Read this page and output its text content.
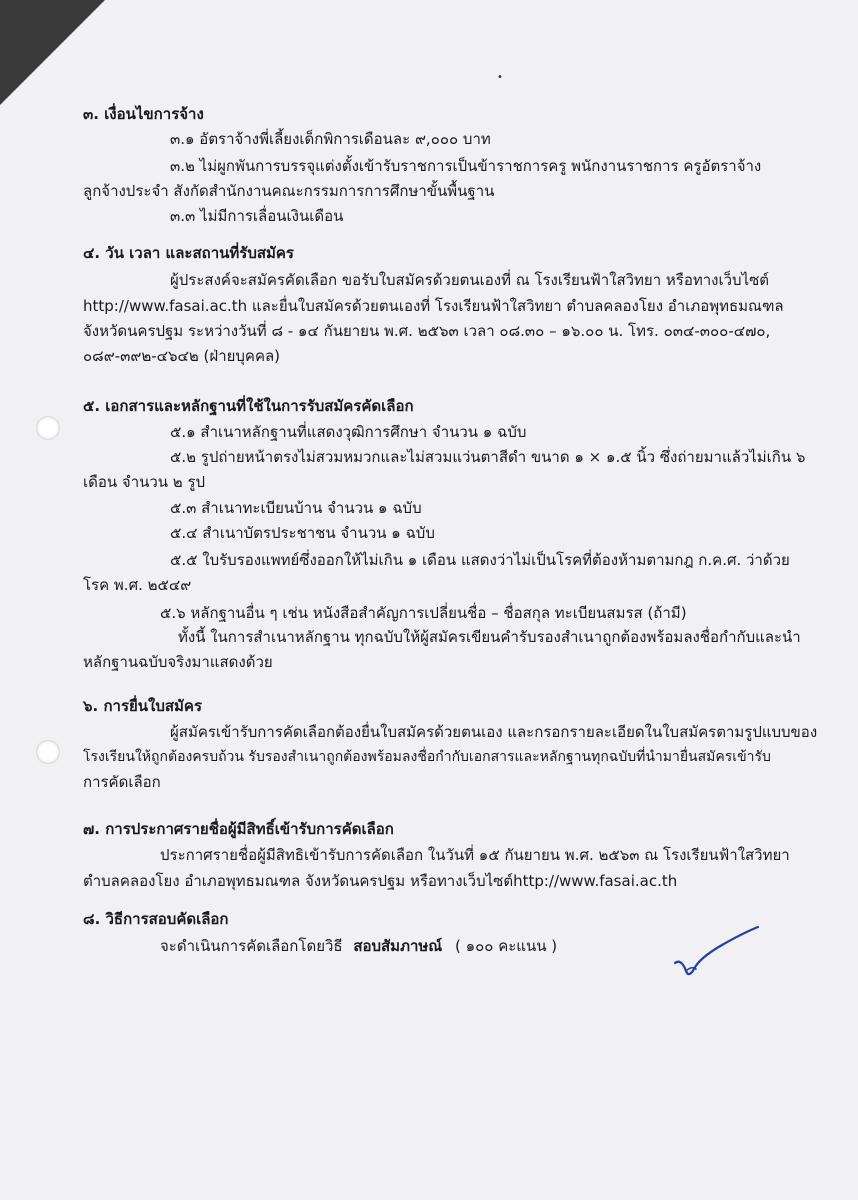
•
๓. เงื่อนไขการจ้าง
๓.๑ อัตราจ้างพี่เลี้ยงเด็กพิการเดือนละ ๙,๐๐๐ บาท
๓.๒ ไม่ผูกพันการบรรจุแต่งตั้งเข้ารับราชการเป็นข้าราชการครู พนักงานราชการ ครูอัตราจ้าง
ลูกจ้างประจำ สังกัดสำนักงานคณะกรรมการการศึกษาขั้นพื้นฐาน
๓.๓ ไม่มีการเลื่อนเงินเดือน
๔. วัน เวลา และสถานที่รับสมัคร
ผู้ประสงค์จะสมัครคัดเลือก ขอรับใบสมัครด้วยตนเองที่ ณ โรงเรียนฟ้าใสวิทยา หรือทางเว็บไซต์
http://www.fasai.ac.th และยื่นใบสมัครด้วยตนเองที่ โรงเรียนฟ้าใสวิทยา ตำบลคลองโยง อำเภอพุทธมณฑล
จังหวัดนครปฐม ระหว่างวันที่ ๘ - ๑๔ กันยายน พ.ศ. ๒๕๖๓ เวลา ๐๘.๓๐ – ๑๖.๐๐ น. โทร. ๐๓๔-๓๐๐-๔๗๐,
๐๘๙-๓๙๒-๔๖๔๒ (ฝ่ายบุคคล)
๕. เอกสารและหลักฐานที่ใช้ในการรับสมัครคัดเลือก
๕.๑ สำเนาหลักฐานที่แสดงวุฒิการศึกษา จำนวน ๑ ฉบับ
๕.๒ รูปถ่ายหน้าตรงไม่สวมหมวกและไม่สวมแว่นตาสีดำ ขนาด ๑ × ๑.๕ นิ้ว ซึ่งถ่ายมาแล้วไม่เกิน ๖
เดือน จำนวน ๒ รูป
๕.๓ สำเนาทะเบียนบ้าน จำนวน ๑ ฉบับ
๕.๔ สำเนาบัตรประชาชน จำนวน ๑ ฉบับ
๕.๕ ใบรับรองแพทย์ซึ่งออกให้ไม่เกิน ๑ เดือน แสดงว่าไม่เป็นโรคที่ต้องห้ามตามกฎ ก.ค.ศ. ว่าด้วย
โรค พ.ศ. ๒๕๔๙
๕.๖ หลักฐานอื่น ๆ เช่น หนังสือสำคัญการเปลี่ยนชื่อ – ชื่อสกุล ทะเบียนสมรส (ถ้ามี)
ทั้งนี้ ในการสำเนาหลักฐาน ทุกฉบับให้ผู้สมัครเขียนคำรับรองสำเนาถูกต้องพร้อมลงชื่อกำกับและนำ
หลักฐานฉบับจริงมาแสดงด้วย
๖. การยื่นใบสมัคร
ผู้สมัครเข้ารับการคัดเลือกต้องยื่นใบสมัครด้วยตนเอง และกรอกรายละเอียดในใบสมัครตามรูปแบบของ
โรงเรียนให้ถูกต้องครบถ้วน รับรองสำเนาถูกต้องพร้อมลงชื่อกำกับเอกสารและหลักฐานทุกฉบับที่นำมายื่นสมัครเข้ารับ
การคัดเลือก
๗. การประกาศรายชื่อผู้มีสิทธิ์เข้ารับการคัดเลือก
ประกาศรายชื่อผู้มีสิทธิเข้ารับการคัดเลือก ในวันที่ ๑๕ กันยายน พ.ศ. ๒๕๖๓ ณ โรงเรียนฟ้าใสวิทยา
ตำบลคลองโยง อำเภอพุทธมณฑล จังหวัดนครปฐม หรือทางเว็บไซต์http://www.fasai.ac.th
๘. วิธีการสอบคัดเลือก
จะดำเนินการคัดเลือกโดยวิธี สอบสัมภาษณ์ ( ๑๐๐ คะแนน )
